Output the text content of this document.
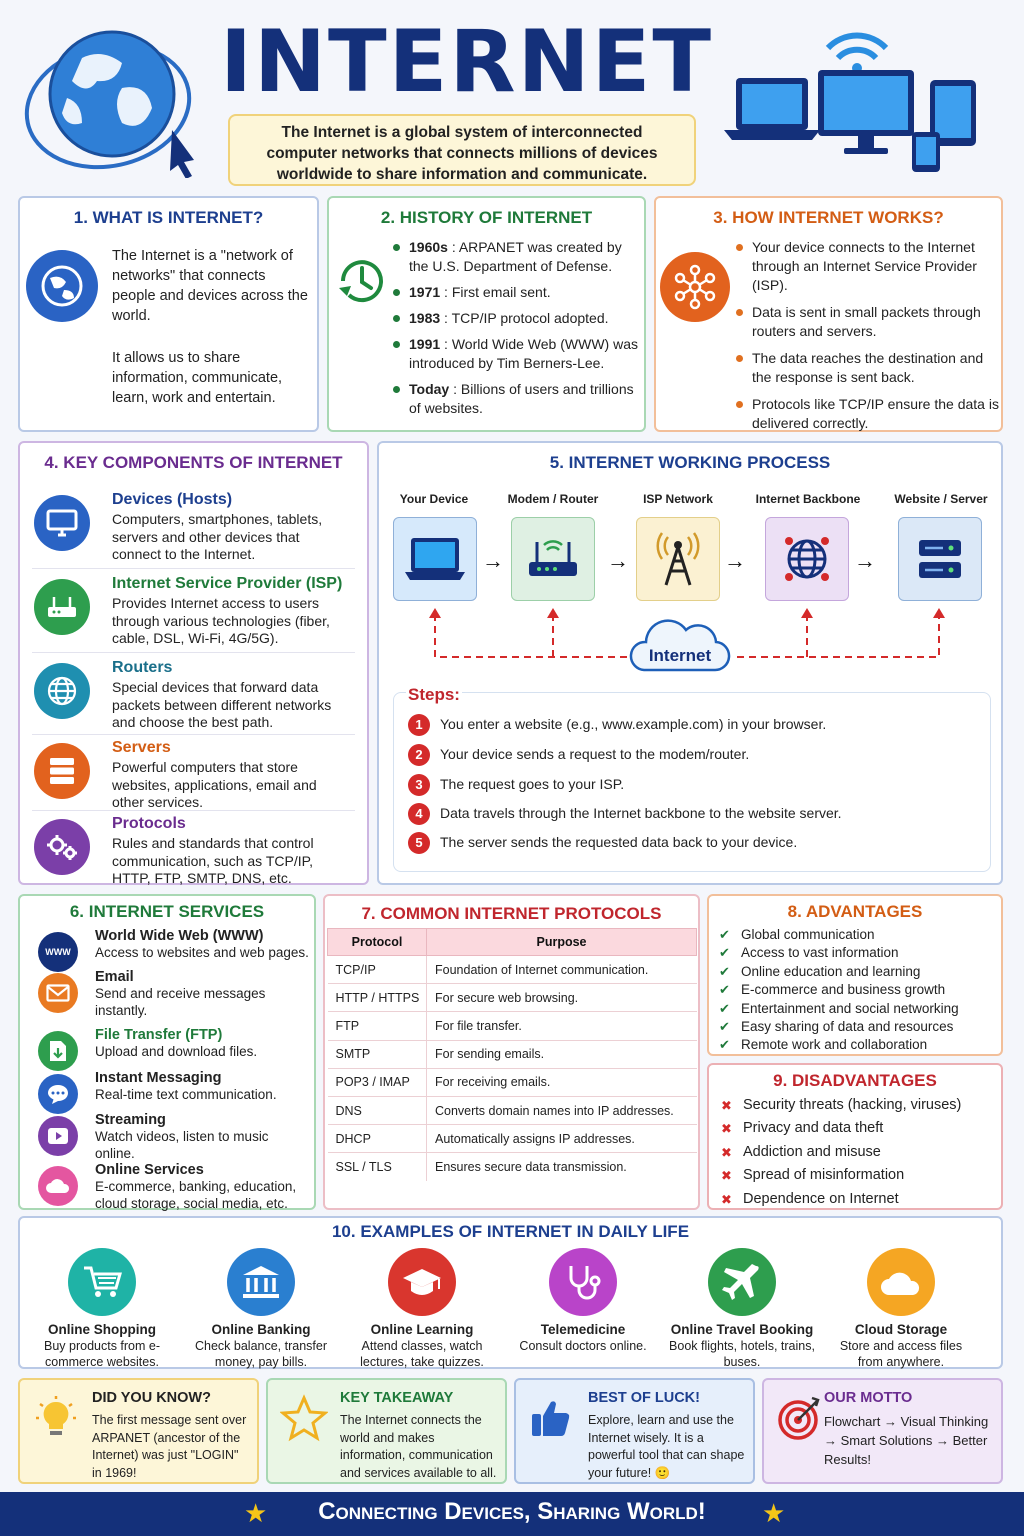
INTERNET
The Internet is a global system of interconnected computer networks that connects millions of devices worldwide to share information and communicate.
1. WHAT IS INTERNET?
The Internet is a "network of networks" that connects people and devices across the world.
It allows us to share information, communicate, learn, work and entertain.
2. HISTORY OF INTERNET
1960s : ARPANET was created by the U.S. Department of Defense.
1971 : First email sent.
1983 : TCP/IP protocol adopted.
1991 : World Wide Web (WWW) was introduced by Tim Berners-Lee.
Today : Billions of users and trillions of websites.
3. HOW INTERNET WORKS?
Your device connects to the Internet through an Internet Service Provider (ISP).
Data is sent in small packets through routers and servers.
The data reaches the destination and the response is sent back.
Protocols like TCP/IP ensure the data is delivered correctly.
4. KEY COMPONENTS OF INTERNET
Devices (Hosts)
Computers, smartphones, tablets, servers and other devices that connect to the Internet.
Internet Service Provider (ISP)
Provides Internet access to users through various technologies (fiber, cable, DSL, Wi-Fi, 4G/5G).
Routers
Special devices that forward data packets between different networks and choose the best path.
Servers
Powerful computers that store websites, applications, email and other services.
Protocols
Rules and standards that control communication, such as TCP/IP, HTTP, FTP, SMTP, DNS, etc.
5. INTERNET WORKING PROCESS
Your Device	Modem / Router	ISP Network	Internet Backbone	Website / Server
→	→	→	→
Internet
Steps:
1 You enter a website (e.g., www.example.com) in your browser.
2 Your device sends a request to the modem/router.
3 The request goes to your ISP.
4 Data travels through the Internet backbone to the website server.
5 The server sends the requested data back to your device.
6. INTERNET SERVICES
WWW
World Wide Web (WWW)
Access to websites and web pages.
Email
Send and receive messages instantly.
File Transfer (FTP)
Upload and download files.
Instant Messaging
Real-time text communication.
Streaming
Watch videos, listen to music online.
Online Services
E-commerce, banking, education, cloud storage, social media, etc.
7. COMMON INTERNET PROTOCOLS
Protocol	Purpose
TCP/IP	Foundation of Internet communication.
HTTP / HTTPS	For secure web browsing.
FTP	For file transfer.
SMTP	For sending emails.
POP3 / IMAP	For receiving emails.
DNS	Converts domain names into IP addresses.
DHCP	Automatically assigns IP addresses.
SSL / TLS	Ensures secure data transmission.
8. ADVANTAGES
✔ Global communication
✔ Access to vast information
✔ Online education and learning
✔ E-commerce and business growth
✔ Entertainment and social networking
✔ Easy sharing of data and resources
✔ Remote work and collaboration
9. DISADVANTAGES
✖ Security threats (hacking, viruses)
✖ Privacy and data theft
✖ Addiction and misuse
✖ Spread of misinformation
✖ Dependence on Internet
10. EXAMPLES OF INTERNET IN DAILY LIFE
Online Shopping
Buy products from e-commerce websites.
Online Banking
Check balance, transfer money, pay bills.
Online Learning
Attend classes, watch lectures, take quizzes.
Telemedicine
Consult doctors online.
Online Travel Booking
Book flights, hotels, trains, buses.
Cloud Storage
Store and access files from anywhere.
DID YOU KNOW?
The first message sent over ARPANET (ancestor of the Internet) was just "LOGIN" in 1969!
KEY TAKEAWAY
The Internet connects the world and makes information, communication and services available to all.
BEST OF LUCK!
Explore, learn and use the Internet wisely. It is a powerful tool that can shape your future! 🙂
OUR MOTTO
Flowchart → Visual Thinking → Smart Solutions → Better Results!
★	Connecting Devices, Sharing World!	★
